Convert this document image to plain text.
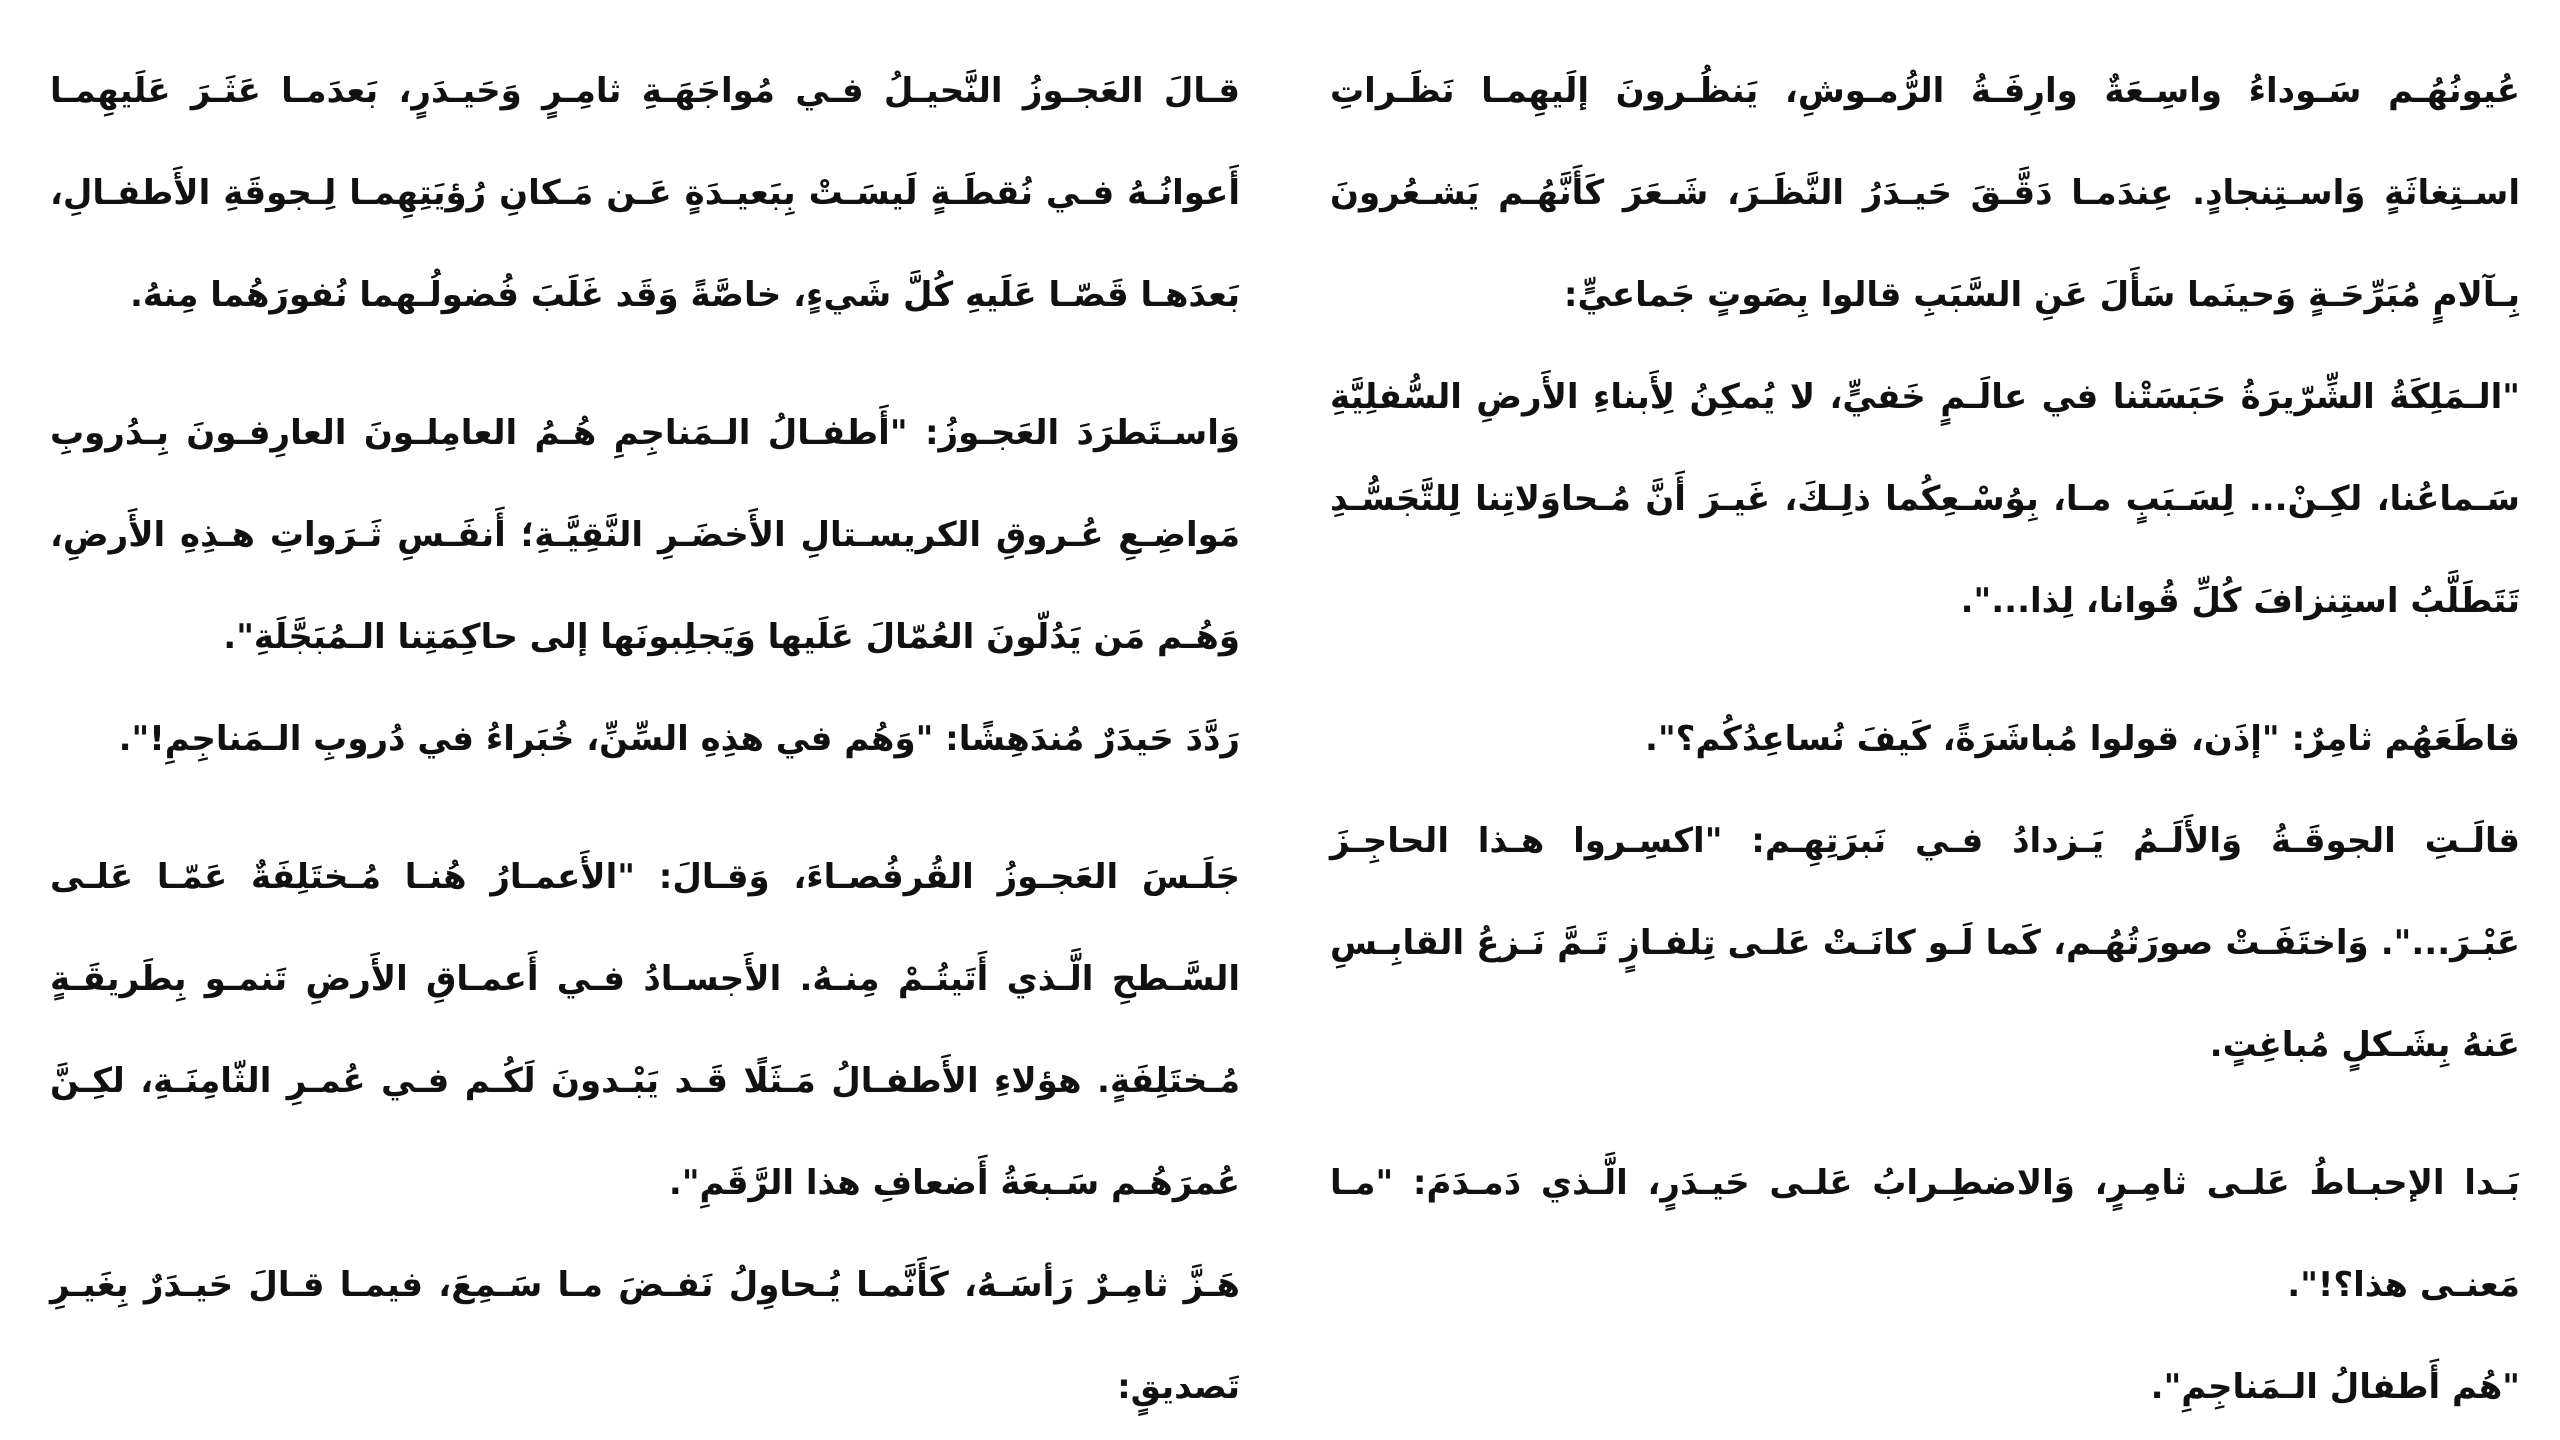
عُيونُهُـم سَـوداءُ واسِـعَةٌ وارِفَـةُ الرُّمـوشِ، يَنظُـرونَ إلَيهِمـا نَظَـراتِ اسـتِغاثَةٍ وَاسـتِنجادٍ. عِندَمـا دَقَّـقَ حَيـدَرُ النَّظَـرَ، شَـعَرَ كَأَنَّهُـم يَشـعُرونَ بِـآلامٍ مُبَرِّحَـةٍ وَحينَما سَأَلَ عَنِ السَّبَبِ قالوا بِصَوتٍ جَماعيٍّ:

"الـمَلِكَةُ الشِّرّيرَةُ حَبَسَتْنا في عالَـمٍ خَفيٍّ، لا يُمكِنُ لِأَبناءِ الأَرضِ السُّفلِيَّةِ سَـماعُنا، لكِـنْ... لِسَـبَبٍ مـا، بِوُسْـعِكُما ذلِـكَ، غَيـرَ أَنَّ مُـحاوَلاتِنا لِلتَّجَسُّـدِ تَتَطَلَّبُ استِنزافَ كُلِّ قُوانا، لِذا...".

قاطَعَهُم ثامِرٌ: "إذَن، قولوا مُباشَرَةً، كَيفَ نُساعِدُكُم؟".

قالَـتِ الجوقَـةُ وَالأَلَـمُ يَـزدادُ فـي نَبرَتِهِـم: "اكسِـروا هـذا الحاجِـزَ عَبْـرَ...". وَاختَفَـتْ صورَتُهُـم، كَما لَـو كانَـتْ عَلـى تِلفـازٍ تَـمَّ نَـزعُ القابِـسِ عَنهُ بِشَـكلٍ مُباغِتٍ.

بَـدا الإحبـاطُ عَلـى ثامِـرٍ، وَالاضطِـرابُ عَلـى حَيـدَرٍ، الَّـذي دَمـدَمَ: "مـا مَعنـى هذا؟!".

"هُم أَطفالُ الـمَناجِمِ".

قـالَ العَجـوزُ النَّحيـلُ فـي مُواجَهَـةِ ثامِـرٍ وَحَيـدَرٍ، بَعدَمـا عَثَـرَ عَلَيهِمـا أَعوانُـهُ فـي نُقطَـةٍ لَيسَـتْ بِبَعيـدَةٍ عَـن مَـكانِ رُؤيَتِهِمـا لِـجوقَةِ الأَطفـالِ، بَعدَهـا قَصّـا عَلَيهِ كُلَّ شَيءٍ، خاصَّةً وَقَد غَلَبَ فُضولُـهما نُفورَهُما مِنهُ.

وَاسـتَطرَدَ العَجـوزُ: "أَطفـالُ الـمَناجِمِ هُـمُ العامِلـونَ العارِفـونَ بِـدُروبِ مَواضِـعِ عُـروقِ الكريسـتالِ الأَخضَـرِ النَّقِيَّـةِ؛ أَنفَـسِ ثَـرَواتِ هـذِهِ الأَرضِ، وَهُـم مَن يَدُلّونَ العُمّالَ عَلَيها وَيَجلِبونَها إلى حاكِمَتِنا الـمُبَجَّلَةِ".

رَدَّدَ حَيدَرٌ مُندَهِشًا: "وَهُم في هذِهِ السِّنِّ، خُبَراءُ في دُروبِ الـمَناجِمِ!".

جَلَـسَ العَجـوزُ القُرفُصـاءَ، وَقـالَ: "الأَعمـارُ هُنـا مُـختَلِفَةٌ عَمّـا عَلـى السَّـطحِ الَّـذي أَتَيتُـمْ مِنـهُ. الأَجسـادُ فـي أَعمـاقِ الأَرضِ تَنمـو بِطَريقَـةٍ مُـختَلِفَةٍ. هؤلاءِ الأَطفـالُ مَـثَلًا قَـد يَبْـدونَ لَكُـم فـي عُمـرِ الثّامِنَـةِ، لكِـنَّ عُمرَهُـم سَـبعَةُ أَضعافِ هذا الرَّقَمِ".

هَـزَّ ثامِـرٌ رَأسَـهُ، كَأَنَّمـا يُـحاوِلُ نَفـضَ مـا سَـمِعَ، فيمـا قـالَ حَيـدَرٌ بِغَيـرِ تَصديقٍ:
